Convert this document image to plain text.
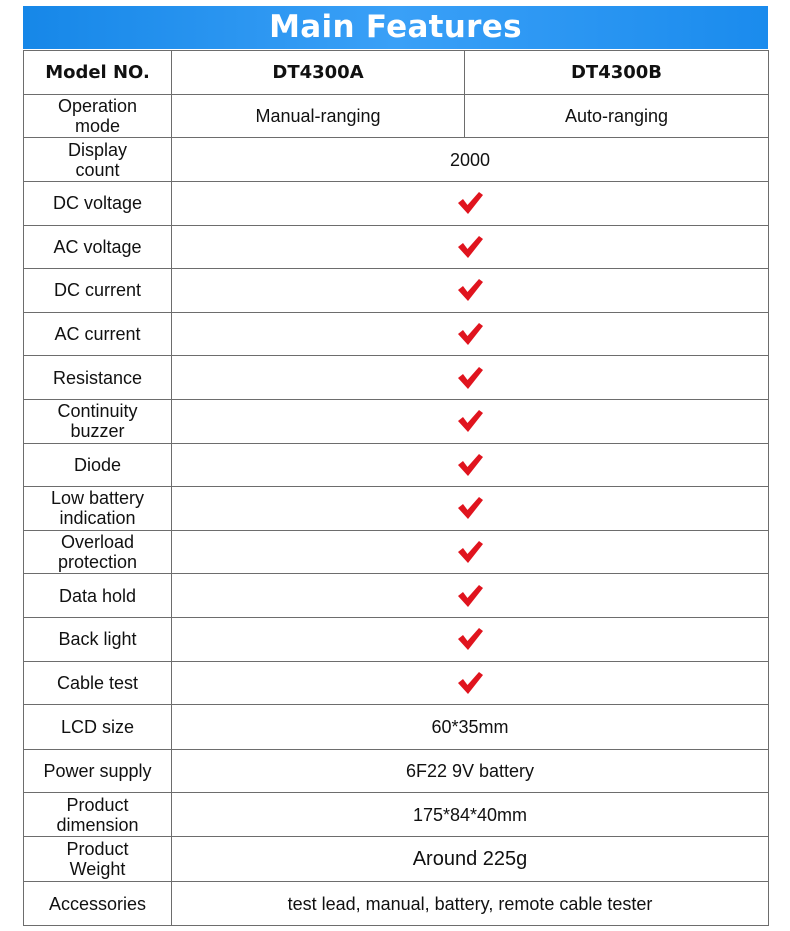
Main Features
Model NO.	DT4300A	DT4300B
Operation mode	Manual-ranging	Auto-ranging
Display count	2000	
DC voltage	

AC voltage	

DC current	

AC current	

Resistance	

Continuity buzzer	

Diode	

Low battery indication	

Overload protection	

Data hold	

Back light	

Cable test	

LCD size	60*35mm	
Power supply	6F22 9V battery	
Product dimension	175*84*40mm	
Product Weight	Around 225g	
Accessories	test lead, manual, battery, remote cable tester	
